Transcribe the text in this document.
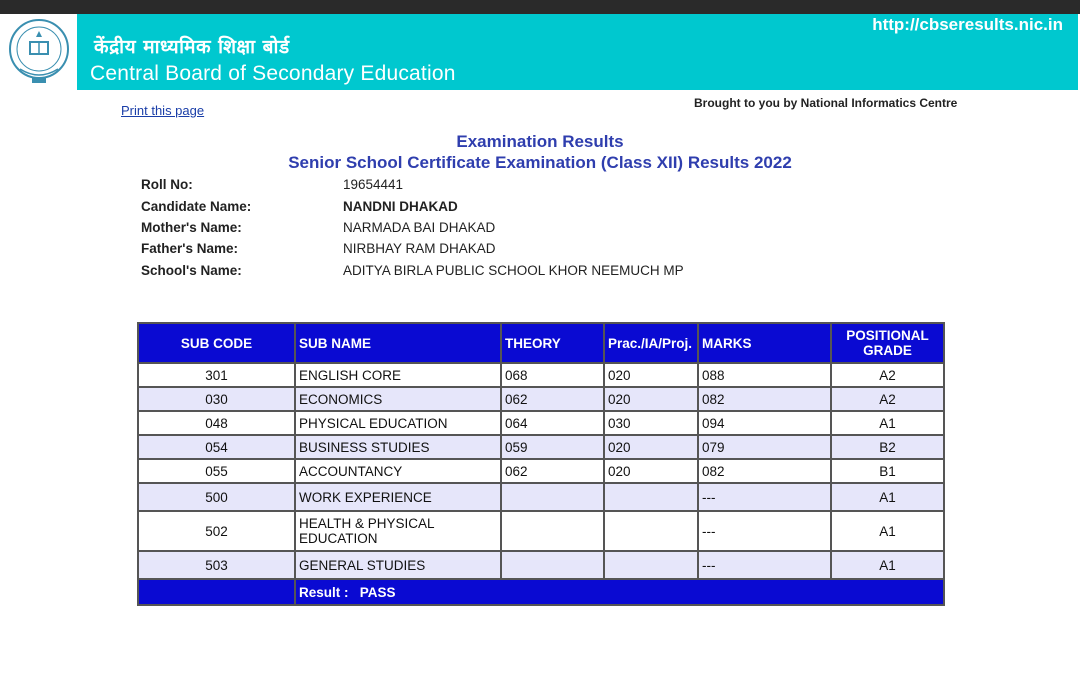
केंद्रीय माध्यमिक शिक्षा बोर्ड
Central Board of Secondary Education
http://cbseresults.nic.in
Print this page	Brought to you by National Informatics Centre
Examination Results
Senior School Certificate Examination (Class XII) Results 2022
Roll No:	19654441
Candidate Name:	NANDNI DHAKAD
Mother's Name:	NARMADA BAI DHAKAD
Father's Name:	NIRBHAY RAM DHAKAD
School's Name:	ADITYA BIRLA PUBLIC SCHOOL KHOR NEEMUCH MP
SUB CODE	SUB NAME	THEORY	Prac./IA/Proj.	MARKS	POSITIONAL GRADE
301	ENGLISH CORE	068	020	088	A2
030	ECONOMICS	062	020	082	A2
048	PHYSICAL EDUCATION	064	030	094	A1
054	BUSINESS STUDIES	059	020	079	B2
055	ACCOUNTANCY	062	020	082	B1
500	WORK EXPERIENCE			---	A1
502	HEALTH & PHYSICAL EDUCATION			---	A1
503	GENERAL STUDIES			---	A1
	Result : PASS				
